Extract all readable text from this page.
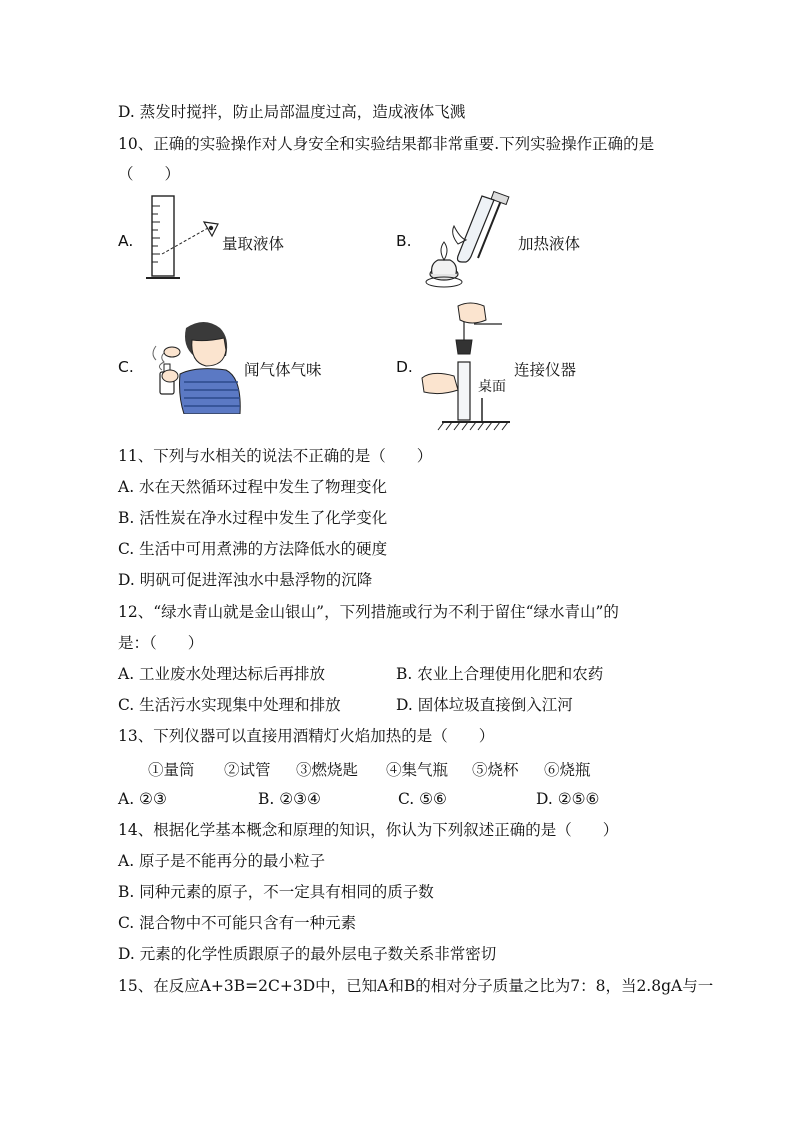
D. 蒸发时搅拌，防止局部温度过高，造成液体飞溅
10、正确的实验操作对人身安全和实验结果都非常重要.下列实验操作正确的是
（　　）
A.	量取液体	B.	加热液体
C.	闻气体气味	D.
桌面
连接仪器
11、下列与水相关的说法不正确的是（　　）
A. 水在天然循环过程中发生了物理变化
B. 活性炭在净水过程中发生了化学变化
C. 生活中可用煮沸的方法降低水的硬度
D. 明矾可促进浑浊水中悬浮物的沉降
12、“绿水青山就是金山银山”，下列措施或行为不利于留住“绿水青山”的
是：（　　）
A. 工业废水处理达标后再排放	B. 农业上合理使用化肥和农药
C. 生活污水实现集中处理和排放	D. 固体垃圾直接倒入江河
13、下列仪器可以直接用酒精灯火焰加热的是（　　）
①量筒 ②试管 ③燃烧匙 ④集气瓶 ⑤烧杯 ⑥烧瓶
A. ②③	B. ②③④	C. ⑤⑥	D. ②⑤⑥
14、根据化学基本概念和原理的知识，你认为下列叙述正确的是（　　）
A. 原子是不能再分的最小粒子
B. 同种元素的原子，不一定具有相同的质子数
C. 混合物中不可能只含有一种元素
D. 元素的化学性质跟原子的最外层电子数关系非常密切
15、在反应A+3B=2C+3D中，已知A和B的相对分子质量之比为7：8，当2.8gA与一
